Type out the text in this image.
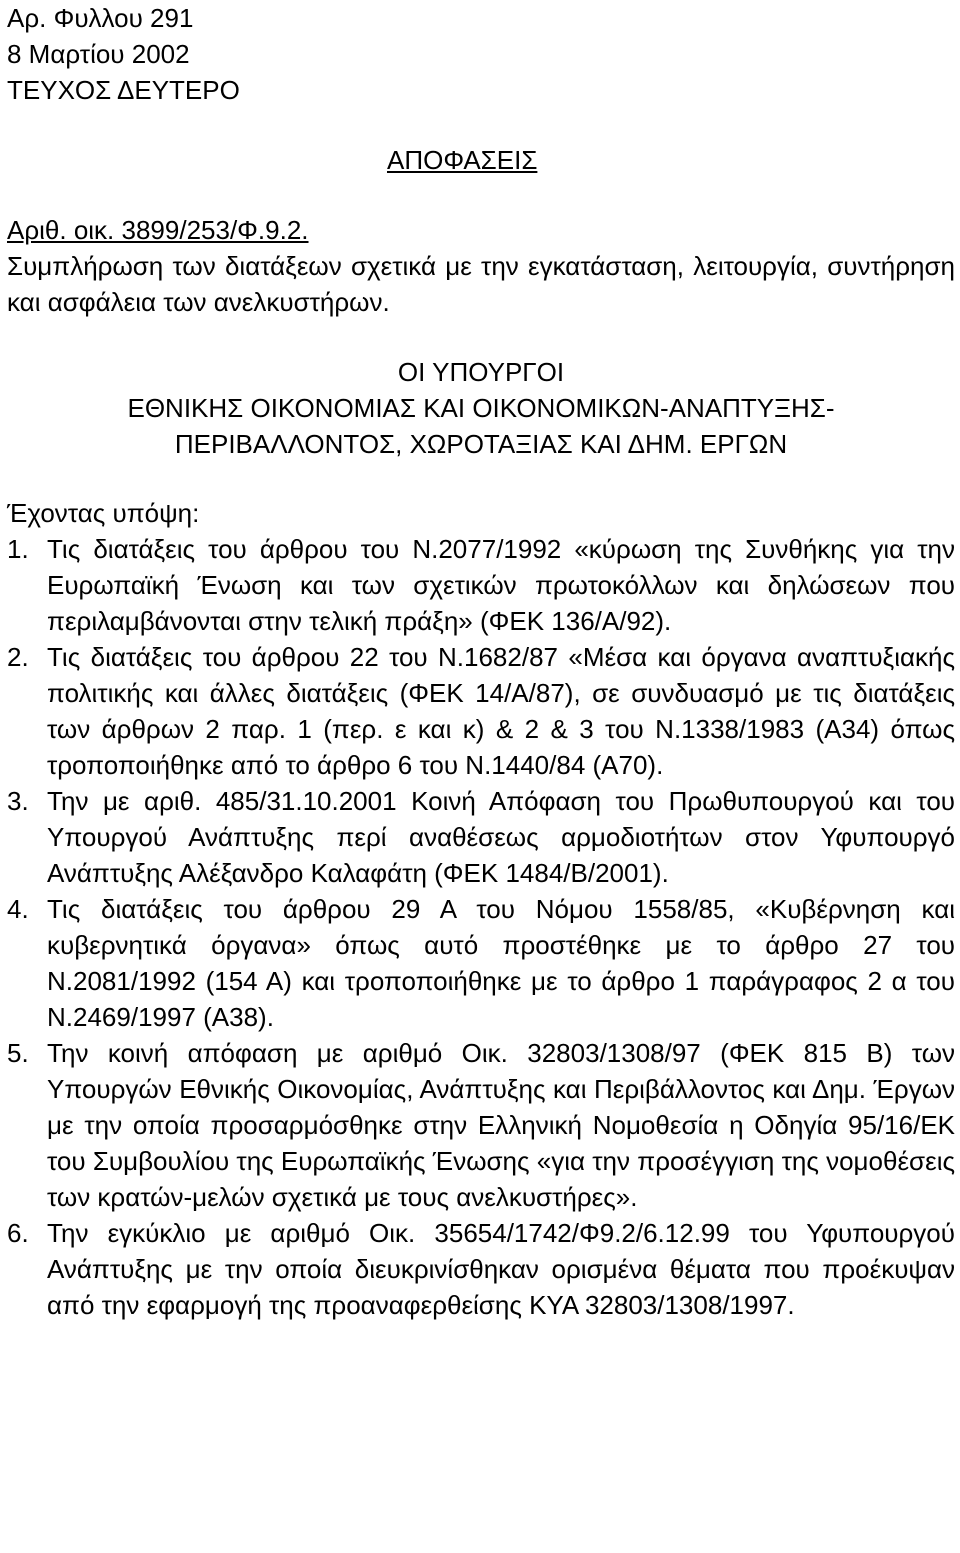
Αρ. Φυλλου 291

8 Μαρτίου 2002

ΤΕΥΧΟΣ ΔΕΥΤΕΡΟ

ΑΠΟΦΑΣΕΙΣ

Αριθ. οικ. 3899/253/Φ.9.2.

Συμπλήρωση των διατάξεων σχετικά με την εγκατάσταση, λειτουργία, συντήρηση και ασφάλεια των ανελκυστήρων.

ΟΙ ΥΠΟΥΡΓΟΙ
ΕΘΝΙΚΗΣ ΟΙΚΟΝΟΜΙΑΣ ΚΑΙ ΟΙΚΟΝΟΜΙΚΩΝ-ΑΝΑΠΤΥΞΗΣ-
ΠΕΡΙΒΑΛΛΟΝΤΟΣ, ΧΩΡΟΤΑΞΙΑΣ ΚΑΙ ΔΗΜ. ΕΡΓΩΝ

Έχοντας υπόψη:

1. Τις διατάξεις του άρθρου του Ν.2077/1992 «κύρωση της Συνθήκης για την Ευρωπαϊκή Ένωση και των σχετικών πρωτοκόλλων και δηλώσεων που περιλαμβάνονται στην τελική πράξη» (ΦΕΚ 136/Α/92).
2. Τις διατάξεις του άρθρου 22 του Ν.1682/87 «Μέσα και όργανα αναπτυξιακής πολιτικής και άλλες διατάξεις (ΦΕΚ 14/Α/87), σε συνδυασμό με τις διατάξεις των άρθρων 2 παρ. 1 (περ. ε και κ) & 2 & 3 του Ν.1338/1983 (Α34) όπως τροποποιήθηκε από το άρθρο 6 του Ν.1440/84 (Α70).
3. Την με αριθ. 485/31.10.2001 Κοινή Απόφαση του Πρωθυπουργού και του Υπουργού Ανάπτυξης περί αναθέσεως αρμοδιοτήτων στον Υφυπουργό Ανάπτυξης Αλέξανδρο Καλαφάτη (ΦΕΚ 1484/Β/2001).
4. Τις διατάξεις του άρθρου 29 Α του Νόμου 1558/85, «Κυβέρνηση και κυβερνητικά όργανα» όπως αυτό προστέθηκε με το άρθρο 27 του Ν.2081/1992 (154 Α) και τροποποιήθηκε με το άρθρο 1 παράγραφος 2 α του Ν.2469/1997 (Α38).
5. Την κοινή απόφαση με αριθμό Οικ. 32803/1308/97 (ΦΕΚ 815 Β) των Υπουργών Εθνικής Οικονομίας, Ανάπτυξης και Περιβάλλοντος και Δημ. Έργων με την οποία προσαρμόσθηκε στην Ελληνική Νομοθεσία η Οδηγία 95/16/ΕΚ του Συμβουλίου της Ευρωπαϊκής Ένωσης «για την προσέγγιση της νομοθέσεις των κρατών-μελών σχετικά με τους ανελκυστήρες».
6. Την εγκύκλιο με αριθμό Οικ. 35654/1742/Φ9.2/6.12.99 του Υφυπουργού Ανάπτυξης με την οποία διευκρινίσθηκαν ορισμένα θέματα που προέκυψαν από την εφαρμογή της προαναφερθείσης ΚΥΑ 32803/1308/1997.
